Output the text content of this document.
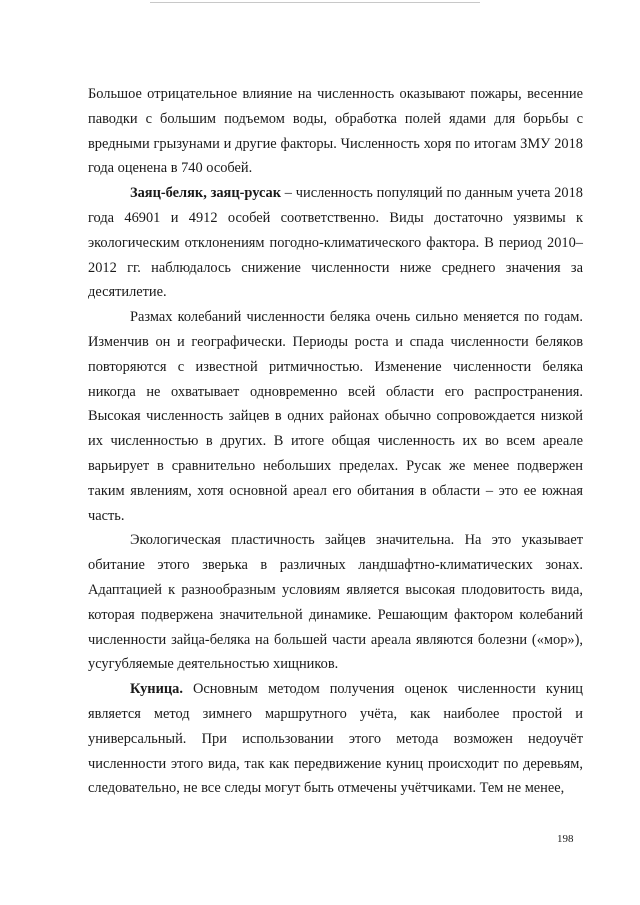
Большое отрицательное влияние на численность оказывают пожары, весенние паводки с большим подъемом воды, обработка полей ядами для борьбы с вредными грызунами и другие факторы. Численность хоря по итогам ЗМУ 2018 года оценена в 740 особей.

Заяц-беляк, заяц-русак – численность популяций по данным учета 2018 года 46901 и 4912 особей соответственно. Виды достаточно уязвимы к экологическим отклонениям погодно-климатического фактора. В период 2010–2012 гг. наблюдалось снижение численности ниже среднего значения за десятилетие.

Размах колебаний численности беляка очень сильно меняется по годам. Изменчив он и географически. Периоды роста и спада численности беляков повторяются с известной ритмичностью. Изменение численности беляка никогда не охватывает одновременно всей области его распространения. Высокая численность зайцев в одних районах обычно сопровождается низкой их численностью в других. В итоге общая численность их во всем ареале варьирует в сравнительно небольших пределах. Русак же менее подвержен таким явлениям, хотя основной ареал его обитания в области – это ее южная часть.

Экологическая пластичность зайцев значительна. На это указывает обитание этого зверька в различных ландшафтно-климатических зонах. Адаптацией к разнообразным условиям является высокая плодовитость вида, которая подвержена значительной динамике. Решающим фактором колебаний численности зайца-беляка на большей части ареала являются болезни («мор»), усугубляемые деятельностью хищников.

Куница. Основным методом получения оценок численности куниц является метод зимнего маршрутного учёта, как наиболее простой и универсальный. При использовании этого метода возможен недоучёт численности этого вида, так как передвижение куниц происходит по деревьям, следовательно, не все следы могут быть отмечены учётчиками. Тем не менее,

198
